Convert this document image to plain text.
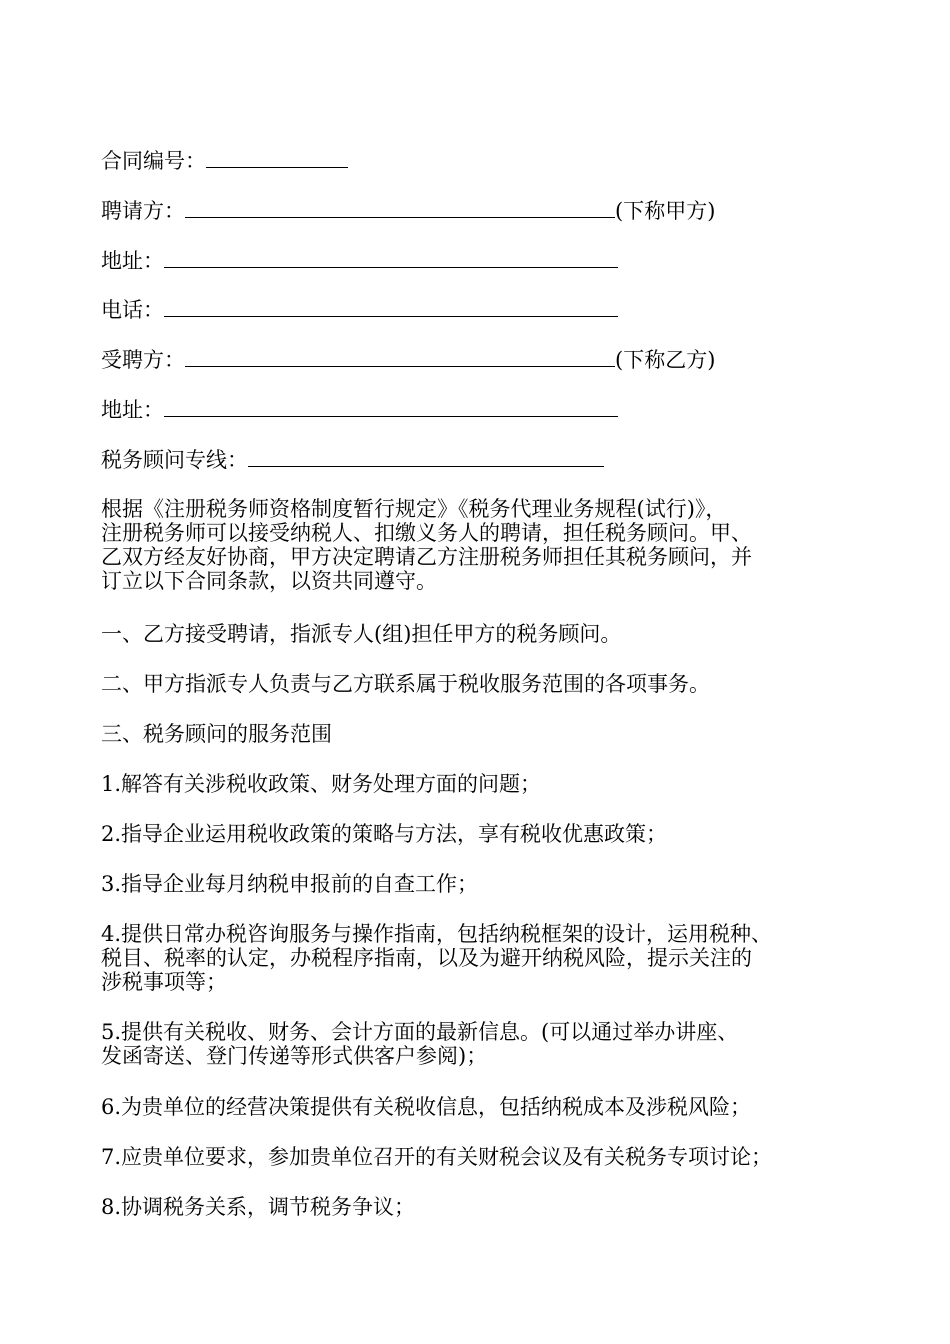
合同编号：
聘请方：	(下称甲方)
地址：
电话：
受聘方：	(下称乙方)
地址：
税务顾问专线：
根据《注册税务师资格制度暂行规定》《税务代理业务规程(试行)》，
注册税务师可以接受纳税人、扣缴义务人的聘请，担任税务顾问。甲、
乙双方经友好协商，甲方决定聘请乙方注册税务师担任其税务顾问，并
订立以下合同条款，以资共同遵守。
一、乙方接受聘请，指派专人(组)担任甲方的税务顾问。
二、甲方指派专人负责与乙方联系属于税收服务范围的各项事务。
三、税务顾问的服务范围
1.解答有关涉税收政策、财务处理方面的问题；
2.指导企业运用税收政策的策略与方法，享有税收优惠政策；
3.指导企业每月纳税申报前的自查工作；
4.提供日常办税咨询服务与操作指南，包括纳税框架的设计，运用税种、
税目、税率的认定，办税程序指南，以及为避开纳税风险，提示关注的
涉税事项等；
5.提供有关税收、财务、会计方面的最新信息。(可以通过举办讲座、
发函寄送、登门传递等形式供客户参阅)；
6.为贵单位的经营决策提供有关税收信息，包括纳税成本及涉税风险；
7.应贵单位要求，参加贵单位召开的有关财税会议及有关税务专项讨论；
8.协调税务关系，调节税务争议；
